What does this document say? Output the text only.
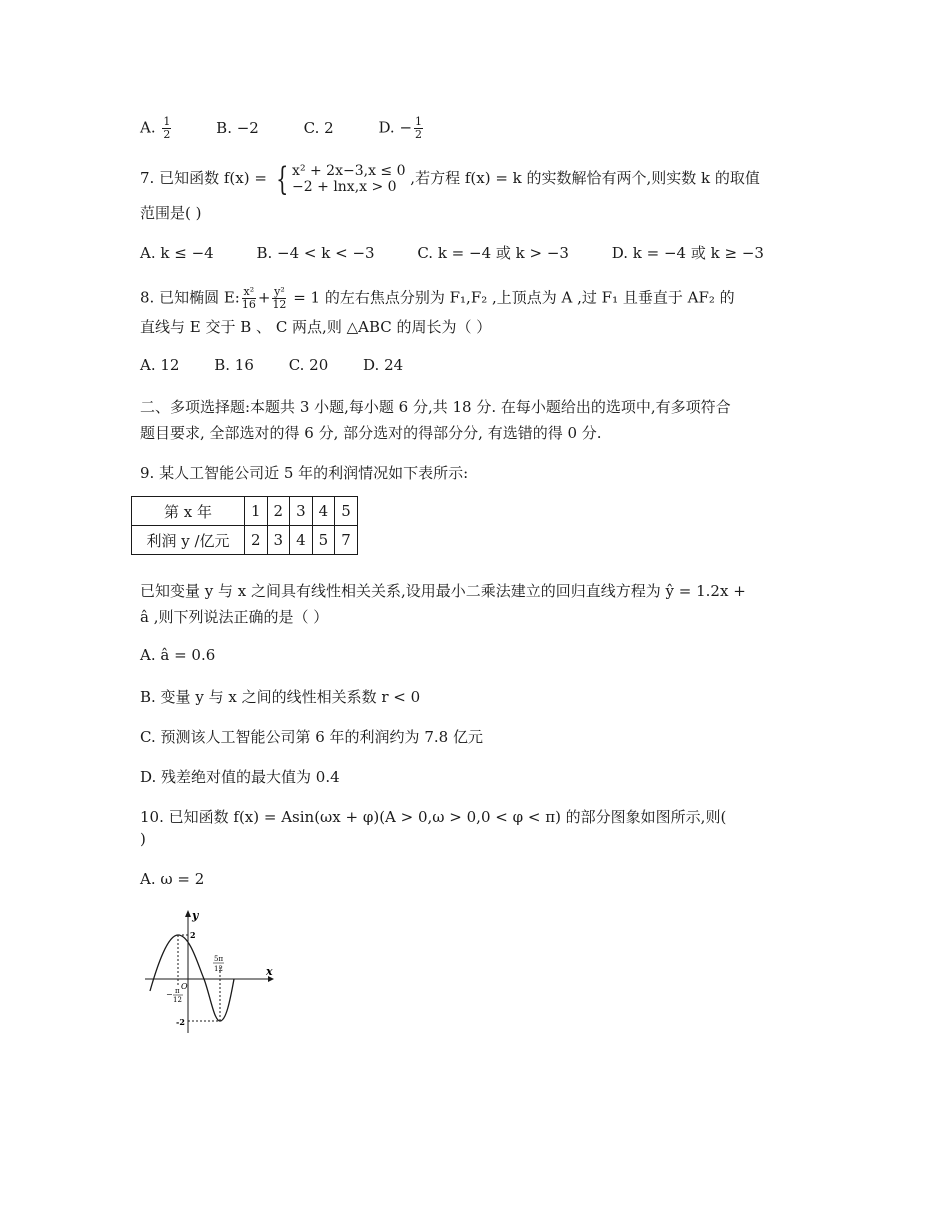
A. $\frac{1}{2}$	B. −2	C. 2	D. − $\frac{1}{2}$
7. 已知函数 f(x) = { x² + 2x−3,x ≤ 0
−2 + lnx,x > 0 ,若方程 f(x) = k 的实数解恰有两个,则实数 k 的取值
范围是( )
A. k ≤ −4	B. −4 < k < −3	C. k = −4 或 k > −3	D. k = −4 或 k ≥ −3
8. 已知椭圆 E: $\frac{\text{x²}}{16} + \frac{\text{y²}}{12} = 1$ 的左右焦点分别为 F₁,F₂ ,上顶点为 A ,过 F₁ 且垂直于 AF₂ 的
直线与 E 交于 B 、 C 两点,则 △ABC 的周长为（ ）
A. 12 B. 16 C. 20 D. 24
二、多项选择题:本题共 3 小题,每小题 6 分,共 18 分. 在每小题给出的选项中,有多项符合
题目要求, 全部选对的得 6 分, 部分选对的得部分分, 有选错的得 0 分.
9. 某人工智能公司近 5 年的利润情况如下表所示:
第 x 年	1	2	3	4	5
利润 y /亿元	2	3	4	5	7
已知变量 y 与 x 之间具有线性相关关系,设用最小二乘法建立的回归直线方程为 ŷ = 1.2x +
â ,则下列说法正确的是（ ）
A. â = 0.6
B. 变量 y 与 x 之间的线性相关系数 r < 0
C. 预测该人工智能公司第 6 年的利润约为 7.8 亿元
D. 残差绝对值的最大值为 0.4
10. 已知函数 f(x) = Asin(ωx + φ)(A > 0,ω > 0,0 < φ < π) 的部分图象如图所示,则(
)
A. ω = 2
y
x
O
2
-2
− π
12
5π
12
